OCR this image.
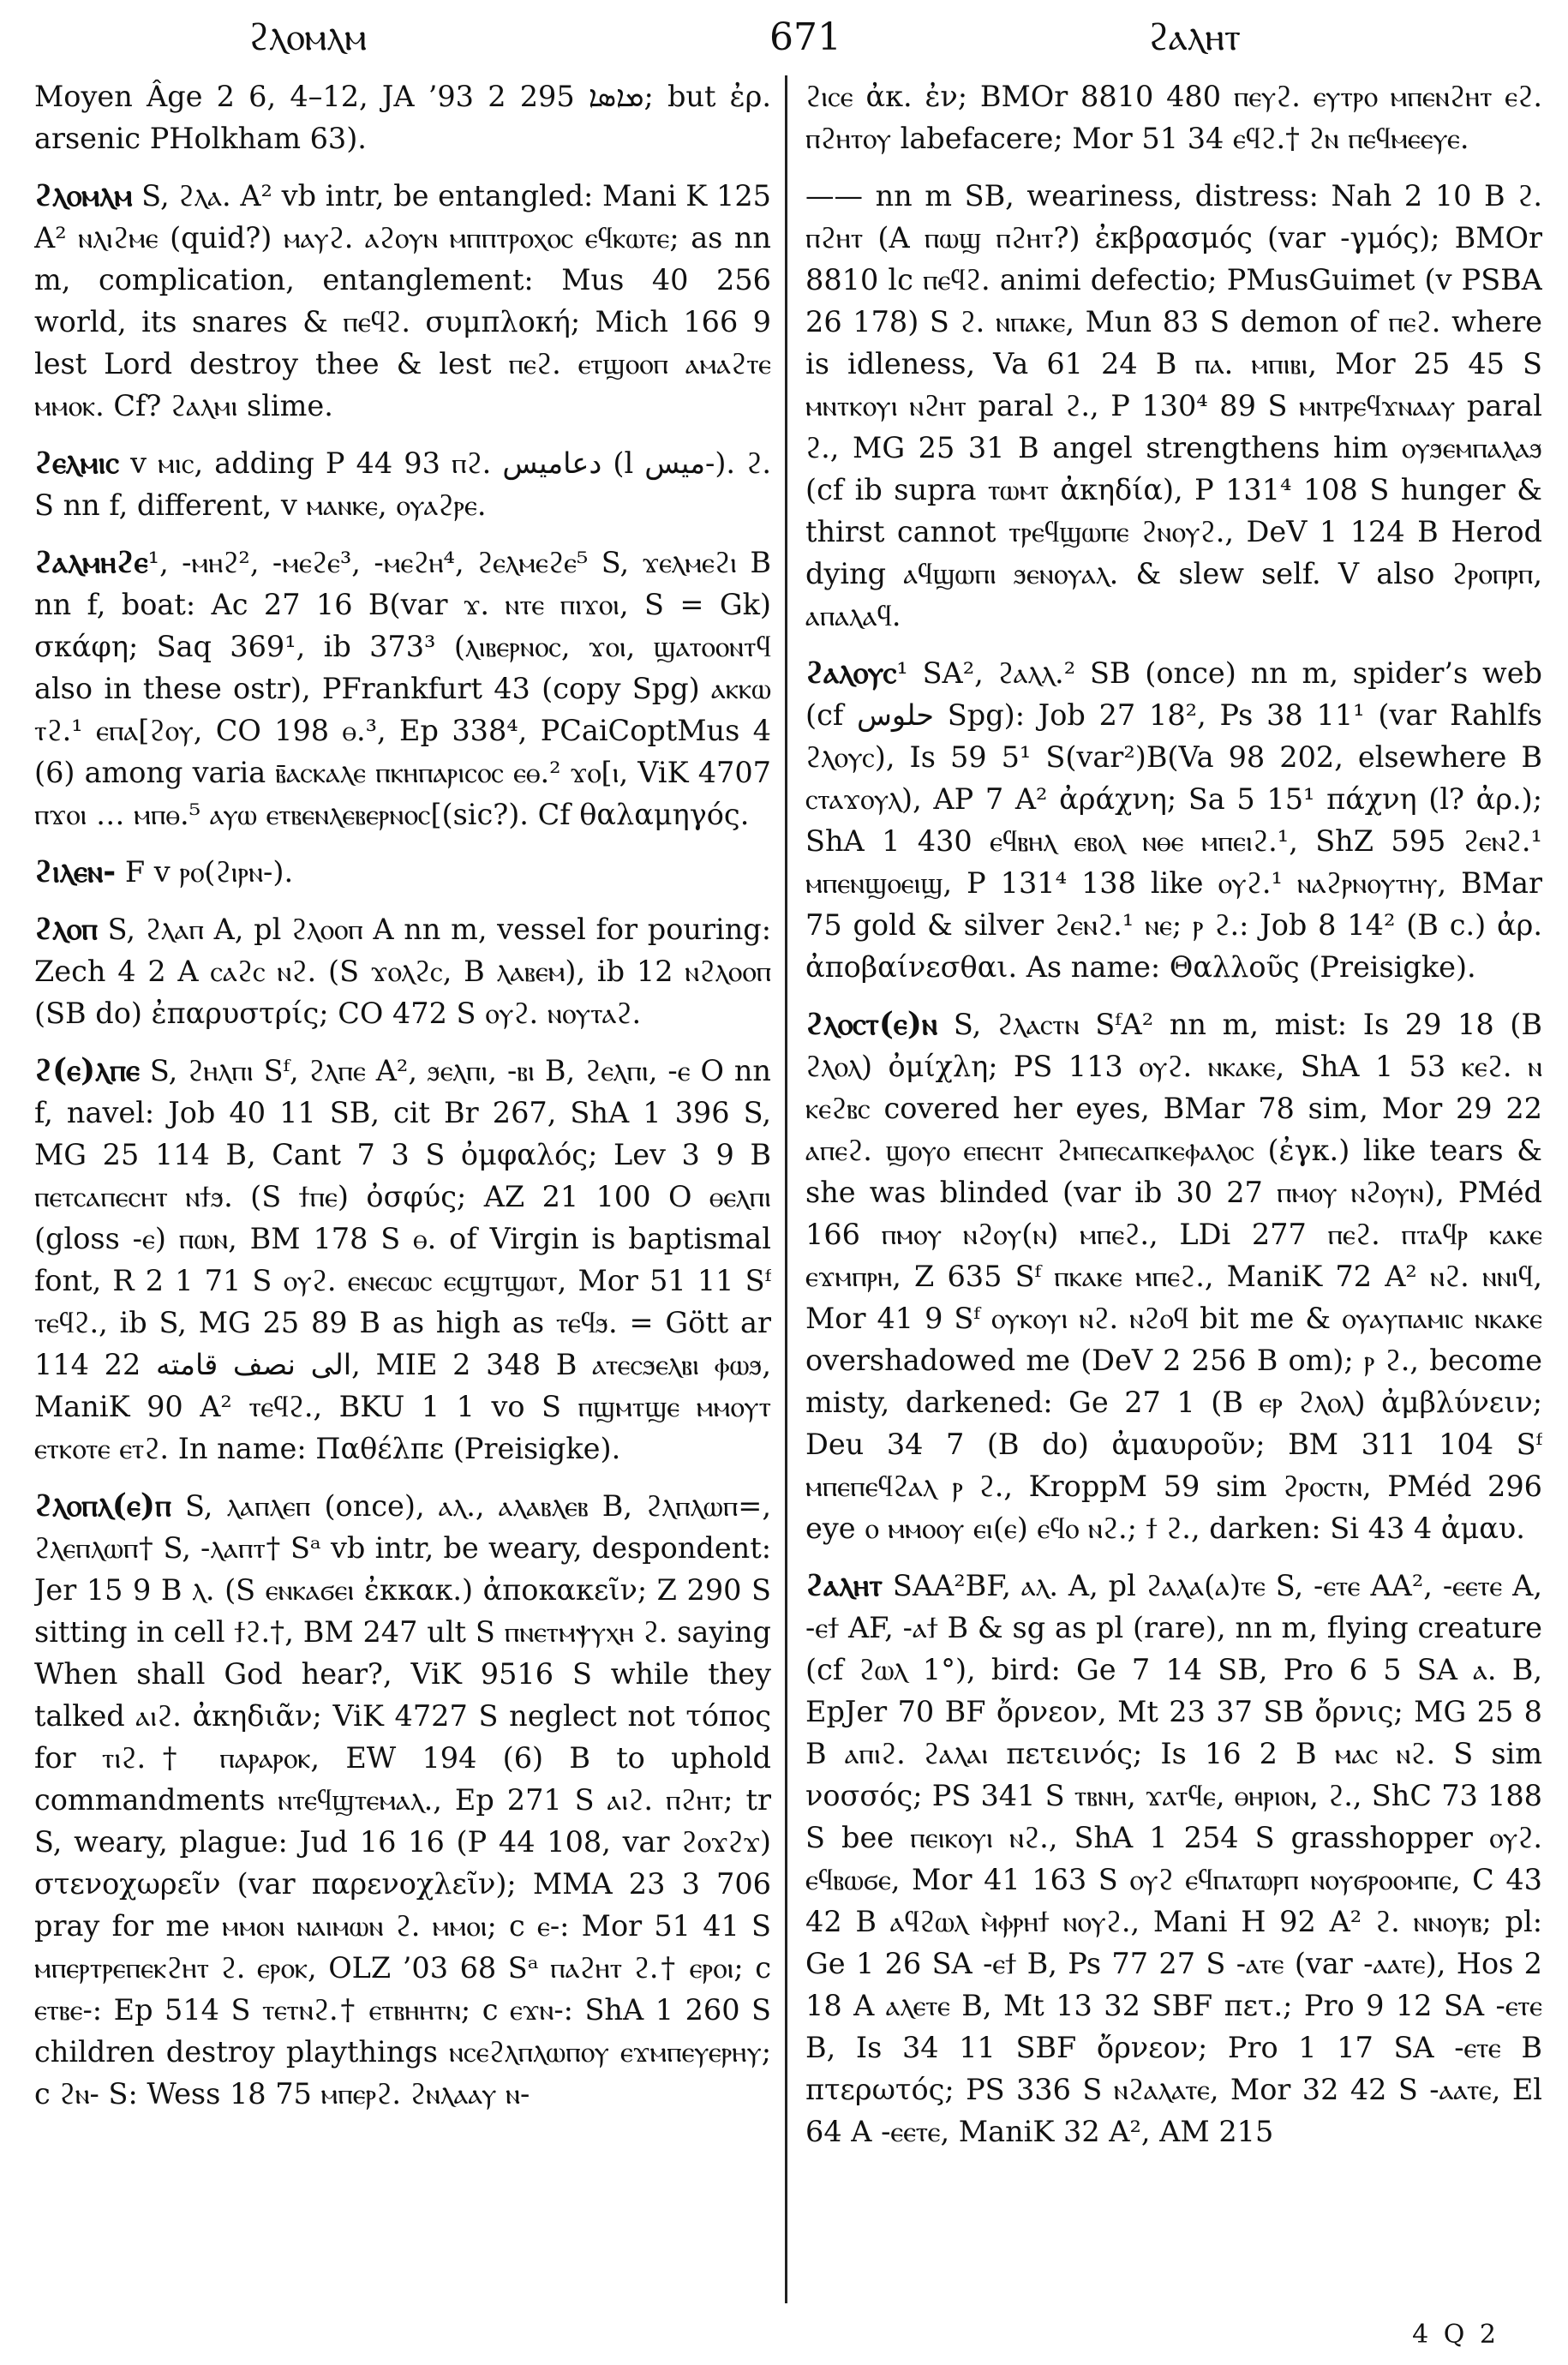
ϩⲗⲟⲙⲗⲙ	671	ϩⲁⲗⲏⲧ

Moyen Âge 2 6, 4–12, JA ’93 2 295 ܡܐܣܐ; but ἐρ. arsenic PHolkham 63).

ϩⲗⲟⲙⲗⲙ S, ϩⲗⲁ. A² vb intr, be entangled: Mani K 125 A² ⲛⲗⲓϩⲙⲉ (quid?) ⲙⲁⲩϩ. ⲁϩⲟⲩⲛ ⲙⲡⲡⲧⲣⲟⲭⲟⲥ ⲉϥⲕⲱⲧⲉ; as nn m, complication, entanglement: Mus 40 256 world, its snares & ⲡⲉϥϩ. συμπλοκή; Mich 166 9 lest Lord destroy thee & lest ⲡⲉϩ. ⲉⲧϣⲟⲟⲡ ⲁⲙⲁϩⲧⲉ ⲙⲙⲟⲕ. Cf? ϩⲁⲗⲙⲓ slime.

ϩⲉⲗⲙⲓⲥ v ⲙⲓⲥ, adding P 44 93 ⲡϩ. دعاميس (l ميس-). ϩ. S nn f, different, v ⲙⲁⲛⲕⲉ, ⲟⲩⲁϩⲣⲉ.

ϩⲁⲗⲙⲏϩⲉ¹, -ⲙⲏϩ², -ⲙⲉϩⲉ³, -ⲙⲉϩⲏ⁴, ϩⲉⲗⲙⲉϩⲉ⁵ S, ϫⲉⲗⲙⲉϩⲓ B nn f, boat: Ac 27 16 B(var ϫ. ⲛⲧⲉ ⲡⲓϫⲟⲓ, S = Gk) σκάφη; Saq 369¹, ib 373³ (ⲗⲓⲃⲉⲣⲛⲟⲥ, ϫⲟⲓ, ϣⲁⲧⲟⲟⲛⲧϥ also in these ostr), PFrankfurt 43 (copy Spg) ⲁⲕⲕⲱ ⲧϩ.¹ ⲉⲡⲁ[ϩⲟⲩ, CO 198 ⲑ.³, Ep 338⁴, PCaiCoptMus 4 (6) among varia ⲃ̄ⲁⲥⲕⲁⲗⲉ ⲡⲕⲏⲡⲁⲣⲓⲥⲟⲥ ⲉⲑ.² ϫⲟ[ⲓ, ViK 4707 ⲡϫⲟⲓ … ⲙⲡⲑ.⁵ ⲁⲩⲱ ⲉⲧⲃⲉⲛⲗⲉⲃⲉⲣⲛⲟⲥ[(sic?). Cf θαλαμηγός.

ϩⲓⲗⲉⲛ- F v ⲣⲟ(ϩⲓⲣⲛ-).

ϩⲗⲟⲡ S, ϩⲗⲁⲡ A, pl ϩⲗⲟⲟⲡ A nn m, vessel for pouring: Zech 4 2 A ⲥⲁϩⲥ ⲛϩ. (S ϫⲟⲗϩⲥ, B ⲗⲁⲃⲉⲙ), ib 12 ⲛϩⲗⲟⲟⲡ (SB do) ἐπαρυστρίς; CO 472 S ⲟⲩϩ. ⲛⲟⲩⲧⲁϩ.

ϩ(ⲉ)ⲗⲡⲉ S, ϩⲏⲗⲡⲓ Sᶠ, ϩⲗⲡⲉ A², ϧⲉⲗⲡⲓ, -ⲃⲓ B, ϩⲉⲗⲡⲓ, -ⲉ O nn f, navel: Job 40 11 SB, cit Br 267, ShA 1 396 S, MG 25 114 B, Cant 7 3 S ὀμφαλός; Lev 3 9 B ⲡⲉⲧⲥⲁⲡⲉⲥⲏⲧ ⲛϯϧ. (S ϯⲡⲉ) ὀσφύς; AZ 21 100 O ⲑⲉⲗⲡⲓ (gloss -ⲉ) ⲡⲱⲛ, BM 178 S ⲑ. of Virgin is baptismal font, R 2 1 71 S ⲟⲩϩ. ⲉⲛⲉⲥⲱⲥ ⲉⲥϣⲧϣⲱⲧ, Mor 51 11 Sᶠ ⲧⲉϥϩ., ib S, MG 25 89 B as high as ⲧⲉϥϧ. = Gött ar 114 22 الى نصف قامته, MIE 2 348 B ⲁⲧⲉⲥϧⲉⲗⲃⲓ ⲫⲱϧ, ManiK 90 A² ⲧⲉϥϩ., BKU 1 1 vo S ⲡϣⲙⲧϣⲉ ⲙⲙⲟⲩⲧ ⲉⲧⲕⲟⲧⲉ ⲉⲧϩ. In name: Παθέλπε (Preisigke).

ϩⲗⲟⲡⲗ(ⲉ)ⲡ S, ⲗⲁⲡⲗⲉⲡ (once), ⲁⲗ., ⲁⲗⲁⲃⲗⲉⲃ B, ϩⲗⲡⲗⲱⲡ=, ϩⲗⲉⲡⲗⲱⲡ† S, -ⲗⲁⲡⲧ† Sᵃ vb intr, be weary, despondent: Jer 15 9 B ⲗ. (S ⲉⲛⲕⲁϭⲉⲓ ἐκκακ.) ἀποκακεῖν; Z 290 S sitting in cell ϯϩ.†, BM 247 ult S ⲡⲛⲉⲧⲙⲯⲩⲭⲏ ϩ. saying When shall God hear?, ViK 9516 S while they talked ⲁⲓϩ. ἀκηδιᾶν; ViK 4727 S neglect not τόπος for ⲧⲓϩ.† ⲡⲁⲣⲁⲣⲟⲕ, EW 194 (6) B to uphold commandments ⲛⲧⲉϥϣⲧⲉⲙⲁⲗ., Ep 271 S ⲁⲓϩ. ⲡϩⲏⲧ; tr S, weary, plague: Jud 16 16 (P 44 108, var ϩⲟϫϩϫ) στενοχωρεῖν (var παρενοχλεῖν); MMA 23 3 706 pray for me ⲙⲙⲟⲛ ⲛⲁⲓⲙⲱⲛ ϩ. ⲙⲙⲟⲓ; c ⲉ-: Mor 51 41 S ⲙⲡⲉⲣⲧⲣⲉⲡⲉⲕϩⲏⲧ ϩ. ⲉⲣⲟⲕ, OLZ ’03 68 Sᵃ ⲡⲁϩⲏⲧ ϩ.† ⲉⲣⲟⲓ; c ⲉⲧⲃⲉ-: Ep 514 S ⲧⲉⲧⲛϩ.† ⲉⲧⲃⲏⲏⲧⲛ; c ⲉϫⲛ-: ShA 1 260 S children destroy playthings ⲛⲥⲉϩⲗⲡⲗⲱⲡⲟⲩ ⲉϫⲙⲡⲉⲩⲉⲣⲏⲩ; c ϩⲛ- S: Wess 18 75 ⲙⲡⲉⲣϩ. ϩⲛⲗⲁⲁⲩ ⲛ-

ϩⲓⲥⲉ ἀκ. ἐν; BMOr 8810 480 ⲡⲉⲩϩ. ⲉⲩⲧⲣⲟ ⲙⲡⲉⲛϩⲏⲧ ⲉϩ. ⲡϩⲏⲧⲟⲩ labefacere; Mor 51 34 ⲉϥϩ.† ϩⲛ ⲡⲉϥⲙⲉⲉⲩⲉ.

—— nn m SB, weariness, distress: Nah 2 10 B ϩ. ⲡϩⲏⲧ (A ⲡⲱϣ ⲡϩⲏⲧ?) ἐκβρασμός (var -γμός); BMOr 8810 lc ⲡⲉϥϩ. animi defectio; PMusGuimet (v PSBA 26 178) S ϩ. ⲛⲡⲁⲕⲉ, Mun 83 S demon of ⲡⲉϩ. where is idleness, Va 61 24 B ⲡⲁ. ⲙⲡⲓⲃⲓ, Mor 25 45 S ⲙⲛⲧⲕⲟⲩⲓ ⲛϩⲏⲧ paral ϩ., P 130⁴ 89 S ⲙⲛⲧⲣⲉϥϫⲛⲁⲁⲩ paral ϩ., MG 25 31 B angel strengthens him ⲟⲩϧⲉⲙⲡⲁⲗⲁϧ (cf ib supra ⲧⲱⲙⲧ ἀκηδία), P 131⁴ 108 S hunger & thirst cannot ⲧⲣⲉϥϣⲱⲡⲉ ϩⲛⲟⲩϩ., DeV 1 124 B Herod dying ⲁϥϣⲱⲡⲓ ϧⲉⲛⲟⲩⲁⲗ. & slew self. V also ϩⲣⲟⲡⲣⲡ, ⲁⲡⲁⲗⲁϥ.

ϩⲁⲗⲟⲩⲥ¹ SA², ϩⲁⲗⲗ.² SB (once) nn m, spider’s web (cf حلوس Spg): Job 27 18², Ps 38 11¹ (var Rahlfs ϩⲗⲟⲩⲥ), Is 59 5¹ S(var²)B(Va 98 202, elsewhere B ⲥⲧⲁϫⲟⲩⲗ), AP 7 A² ἀράχνη; Sa 5 15¹ πάχνη (l? ἀρ.); ShA 1 430 ⲉϥⲃⲏⲗ ⲉⲃⲟⲗ ⲛⲑⲉ ⲙⲡⲉⲓϩ.¹, ShZ 595 ϩⲉⲛϩ.¹ ⲙⲡⲉⲛϣⲟⲉⲓϣ, P 131⁴ 138 like ⲟⲩϩ.¹ ⲛⲁϩⲣⲛⲟⲩⲧⲏⲩ, BMar 75 gold & silver ϩⲉⲛϩ.¹ ⲛⲉ; ⲣ ϩ.: Job 8 14² (B c.) ἀρ. ἀποβαίνεσθαι. As name: Θαλλοῦς (Preisigke).

ϩⲗⲟⲥⲧ(ⲉ)ⲛ S, ϩⲗⲁⲥⲧⲛ SᶠA² nn m, mist: Is 29 18 (B ϩⲗⲟⲗ) ὀμίχλη; PS 113 ⲟⲩϩ. ⲛⲕⲁⲕⲉ, ShA 1 53 ⲕⲉϩ. ⲛ ⲕⲉϩⲃⲥ covered her eyes, BMar 78 sim, Mor 29 22 ⲁⲡⲉϩ. ϣⲟⲩⲟ ⲉⲡⲉⲥⲏⲧ ϩⲙⲡⲉⲥⲁⲡⲕⲉⲫⲁⲗⲟⲥ (ἐγκ.) like tears & she was blinded (var ib 30 27 ⲡⲙⲟⲩ ⲛϩⲟⲩⲛ), PMéd 166 ⲡⲙⲟⲩ ⲛϩⲟⲩ(ⲛ) ⲙⲡⲉϩ., LDi 277 ⲡⲉϩ. ⲡⲧⲁϥⲣ ⲕⲁⲕⲉ ⲉϫⲙⲡⲣⲏ, Z 635 Sᶠ ⲡⲕⲁⲕⲉ ⲙⲡⲉϩ., ManiK 72 A² ⲛϩ. ⲛⲛⲓϥ, Mor 41 9 Sᶠ ⲟⲩⲕⲟⲩⲓ ⲛϩ. ⲛϩⲟϥ bit me & ⲟⲩⲁⲩⲡⲁⲙⲓⲥ ⲛⲕⲁⲕⲉ overshadowed me (DeV 2 256 B om); ⲣ ϩ., become misty, darkened: Ge 27 1 (B ⲉⲣ ϩⲗⲟⲗ) ἀμβλύνειν; Deu 34 7 (B do) ἀμαυροῦν; BM 311 104 Sᶠ ⲙⲡⲉⲡⲉϥϩⲁⲗ ⲣ ϩ., KroppM 59 sim ϩⲣⲟⲥⲧⲛ, PMéd 296 eye ⲟ ⲙⲙⲟⲟⲩ ⲉⲓ(ⲉ) ⲉϥⲟ ⲛϩ.; ϯ ϩ., darken: Si 43 4 ἀμαυ.

ϩⲁⲗⲏⲧ SAA²BF, ⲁⲗ. A, pl ϩⲁⲗⲁ(ⲁ)ⲧⲉ S, -ⲉⲧⲉ AA², -ⲉⲉⲧⲉ A, -ⲉϯ AF, -ⲁϯ B & sg as pl (rare), nn m, flying creature (cf ϩⲱⲗ 1°), bird: Ge 7 14 SB, Pro 6 5 SA ⲁ. B, EpJer 70 BF ὄρνεον, Mt 23 37 SB ὄρνις; MG 25 8 B ⲁⲡⲓϩ. ϩⲁⲗⲁⲓ πετεινός; Is 16 2 B ⲙⲁⲥ ⲛϩ. S sim νοσσός; PS 341 S ⲧⲃⲛⲏ, ϫⲁⲧϥⲉ, ⲑⲏⲣⲓⲟⲛ, ϩ., ShC 73 188 S bee ⲡⲉⲓⲕⲟⲩⲓ ⲛϩ., ShA 1 254 S grasshopper ⲟⲩϩ. ⲉϥⲃⲱϭⲉ, Mor 41 163 S ⲟⲩϩ ⲉϥⲡⲁⲧⲱⲣⲡ ⲛⲟⲩϭⲣⲟⲟⲙⲡⲉ, C 43 42 B ⲁϥϩⲱⲗ ⲙ̀ⲫⲣⲏϯ ⲛⲟⲩϩ., Mani H 92 A² ϩ. ⲛⲛⲟⲩⲃ; pl: Ge 1 26 SA -ⲉϯ B, Ps 77 27 S -ⲁⲧⲉ (var -ⲁⲁⲧⲉ), Hos 2 18 A ⲁⲗⲉⲧⲉ B, Mt 13 32 SBF πετ.; Pro 9 12 SA -ⲉⲧⲉ B, Is 34 11 SBF ὄρνεον; Pro 1 17 SA -ⲉⲧⲉ B πτερωτός; PS 336 S ⲛϩⲁⲗⲁⲧⲉ, Mor 32 42 S -ⲁⲁⲧⲉ, El 64 A -ⲉⲉⲧⲉ, ManiK 32 A², AM 215

4 Q 2
